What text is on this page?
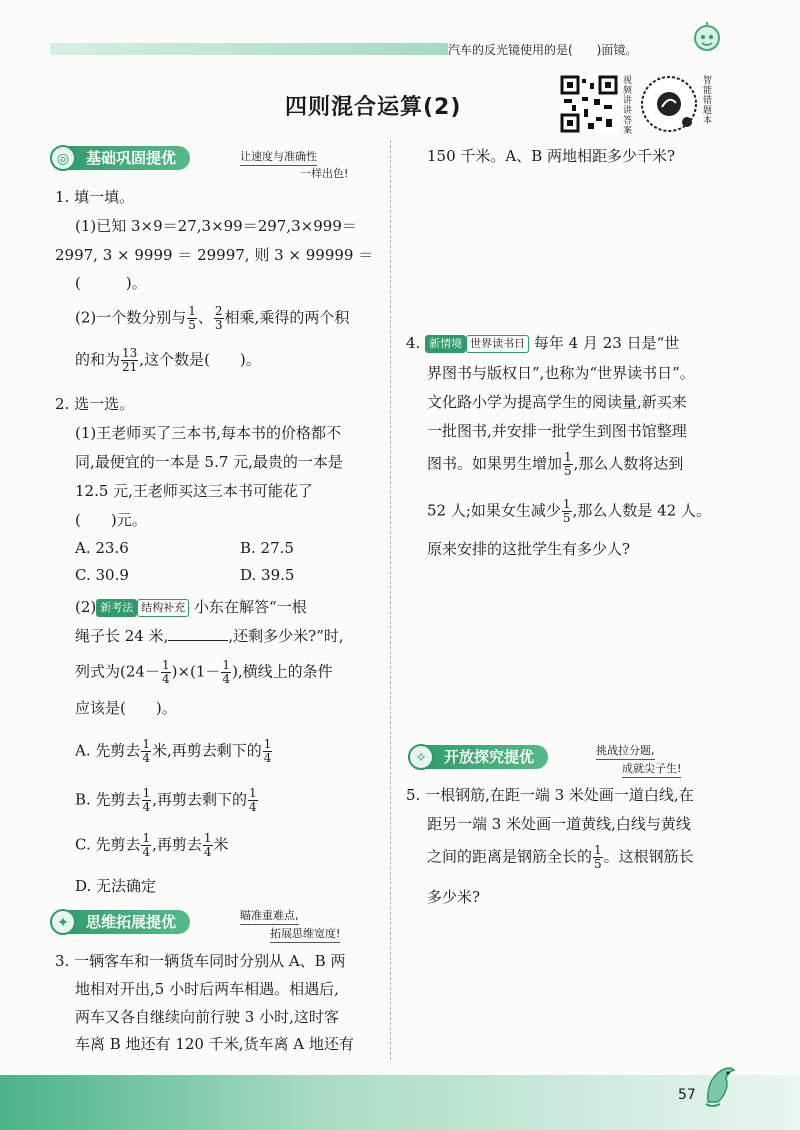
汽车的反光镜使用的是(　　)面镜。
四则混合运算(2)
视频讲讲答案
智能错题本
基础巩固提优
◎	让速度与准确性
一样出色!
1. 填一填。
(1)已知 3×9＝27,3×99＝297,3×999＝
2997, 3 × 9999 ＝ 29997, 则 3 × 99999 ＝
(　　　)。
(2)一个数分别与 $\frac{1}{5}$ 、 $\frac{2}{3}$ 相乘,乘得的两个积
的和为 $\frac{13}{21}$ ,这个数是(　　)。
2. 选一选。
(1)王老师买了三本书,每本书的价格都不
同,最便宜的一本是 5.7 元,最贵的一本是
12.5 元,王老师买这三本书可能花了
(　　)元。
A. 23.6	B. 27.5
C. 30.9	D. 39.5
(2) 新考法 结构补充 小东在解答“一根
绳子长 24 米,	,还剩多少米?”时,
列式为$(24- \frac{1}{4} )\times(1- \frac{1}{4}$ ),横线上的条件
应该是(　　)。
A. 先剪去 $\frac{1}{4}$ 米,再剪去剩下的 $\frac{1}{4}$
B. 先剪去 $\frac{1}{4}$ ,再剪去剩下的 $\frac{1}{4}$
C. 先剪去 $\frac{1}{4}$ ,再剪去 $\frac{1}{4}$ 米
D. 无法确定
思维拓展提优
✦	瞄准重难点,
拓展思维宽度!
3. 一辆客车和一辆货车同时分别从 A、B 两
地相对开出,5 小时后两车相遇。相遇后,
两车又各自继续向前行驶 3 小时,这时客
车离 B 地还有 120 千米,货车离 A 地还有
150 千米。A、B 两地相距多少千米?
4. 新情境 世界读书日 每年 4 月 23 日是“世
界图书与版权日”,也称为“世界读书日”。
文化路小学为提高学生的阅读量,新买来
一批图书,并安排一批学生到图书馆整理
图书。如果男生增加 $\frac{1}{5}$ ,那么人数将达到
52 人;如果女生减少 $\frac{1}{5}$ ,那么人数是 42 人。
原来安排的这批学生有多少人?
开放探究提优
✧	挑战拉分题,
成就尖子生!
5. 一根钢筋,在距一端 3 米处画一道白线,在
距另一端 3 米处画一道黄线,白线与黄线
之间的距离是钢筋全长的 $\frac{1}{5}$ 。这根钢筋长
多少米?
57
